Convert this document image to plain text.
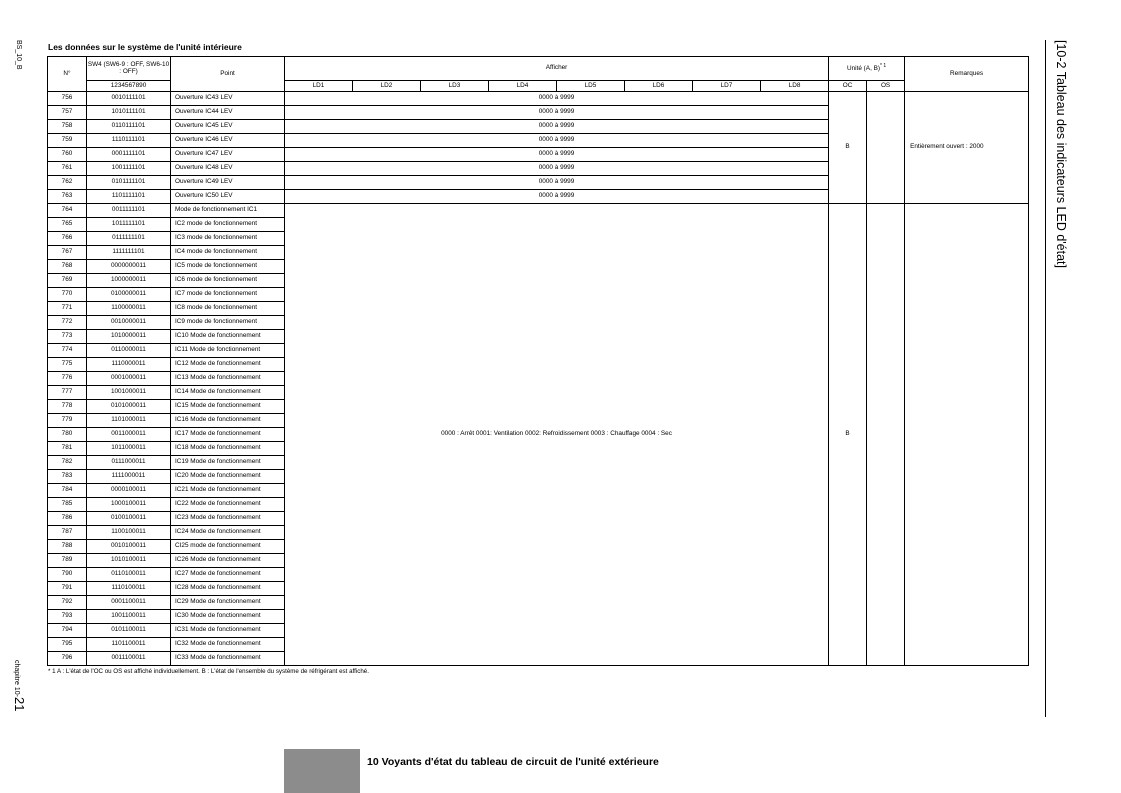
BS_10_B
chapitre 10-21
[10-2 Tableau des indicateurs LED d'état]
Les données sur le système de l'unité intérieure
N°	SW4 (SW6-9 : OFF, SW6-10 : OFF)	Point	Afficher								Unité (A, B)$^{* 1}$		Remarques
	1234567890		LD1	LD2	LD3	LD4	LD5	LD6	LD7	LD8	OC	OS	
756	0010111101	Ouverture IC43 LEV	0000 à 9999								B		Entièrement ouvert : 2000
757	1010111101	Ouverture IC44 LEV	0000 à 9999										
758	0110111101	Ouverture IC45 LEV	0000 à 9999										
759	1110111101	Ouverture IC46 LEV	0000 à 9999										
760	0001111101	Ouverture IC47 LEV	0000 à 9999										
761	1001111101	Ouverture IC48 LEV	0000 à 9999										
762	0101111101	Ouverture IC49 LEV	0000 à 9999										
763	1101111101	Ouverture IC50 LEV	0000 à 9999										
764	0011111101	Mode de fonctionnement IC1	0000 : Arrêt 0001: Ventilation 0002: Refroidissement 0003 : Chauffage 0004 : Sec								B		
765	1011111101	IC2 mode de fonctionnement											
766	0111111101	IC3 mode de fonctionnement											
767	1111111101	IC4 mode de fonctionnement											
768	0000000011	IC5 mode de fonctionnement											
769	1000000011	IC6 mode de fonctionnement											
770	0100000011	IC7 mode de fonctionnement											
771	1100000011	IC8 mode de fonctionnement											
772	0010000011	IC9 mode de fonctionnement											
773	1010000011	IC10 Mode de fonctionnement											
774	0110000011	IC11 Mode de fonctionnement											
775	1110000011	IC12 Mode de fonctionnement											
776	0001000011	IC13 Mode de fonctionnement											
777	1001000011	IC14 Mode de fonctionnement											
778	0101000011	IC15 Mode de fonctionnement											
779	1101000011	IC16 Mode de fonctionnement											
780	0011000011	IC17 Mode de fonctionnement											
781	1011000011	IC18 Mode de fonctionnement											
782	0111000011	IC19 Mode de fonctionnement											
783	1111000011	IC20 Mode de fonctionnement											
784	0000100011	IC21 Mode de fonctionnement											
785	1000100011	IC22 Mode de fonctionnement											
786	0100100011	IC23 Mode de fonctionnement											
787	1100100011	IC24 Mode de fonctionnement											
788	0010100011	CI25 mode de fonctionnement											
789	1010100011	IC26 Mode de fonctionnement											
790	0110100011	IC27 Mode de fonctionnement											
791	1110100011	IC28 Mode de fonctionnement											
792	0001100011	IC29 Mode de fonctionnement											
793	1001100011	IC30 Mode de fonctionnement											
794	0101100011	IC31 Mode de fonctionnement											
795	1101100011	IC32 Mode de fonctionnement											
796	0011100011	IC33 Mode de fonctionnement											
* 1 A : L'état de l'OC ou OS est affiché individuellement. B : L'état de l'ensemble du système de réfrigérant est affiché.
10 Voyants d'état du tableau de circuit de l'unité extérieure
